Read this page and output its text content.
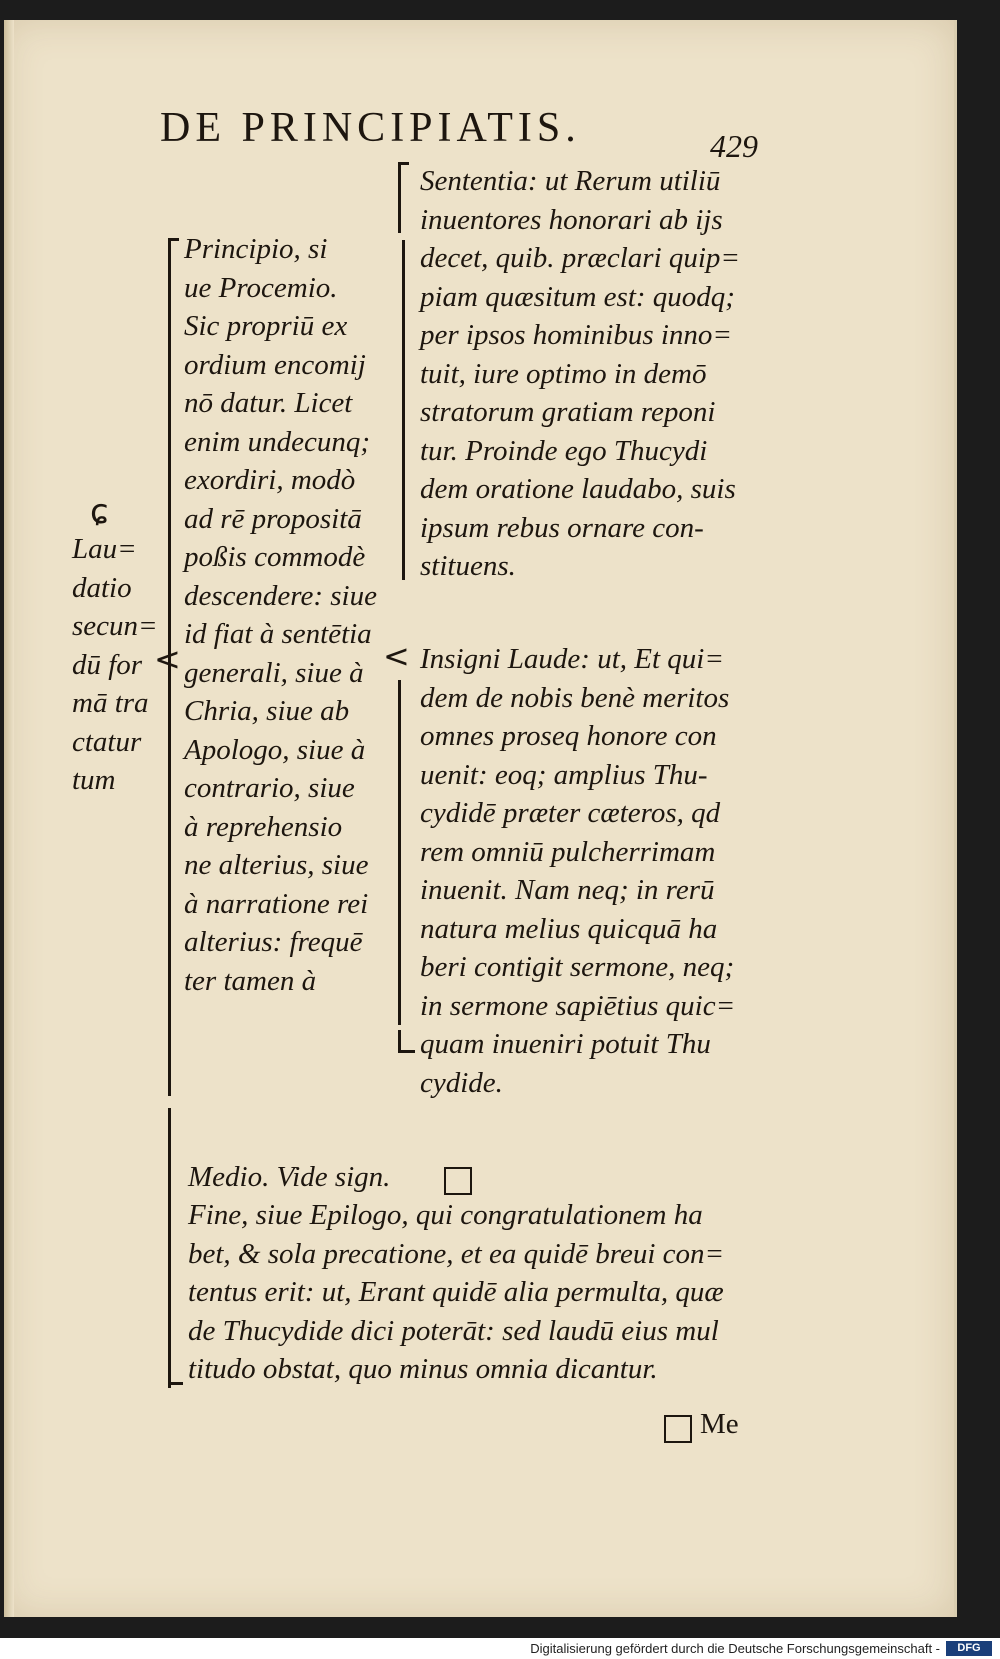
DE PRINCIPIATIS.	429
ɕ
Lau=
datio
secun=
dū for
mā tra
ctatur
tum
<
Principio, si
ue Procemio.
Sic propriū ex
ordium encomij
nō datur. Licet
enim undecunq;
exordiri, modò
ad rē propositā
poßis commodè
descendere: siue
id fiat à sentētia
generali, siue à
Chria, siue ab
Apologo, siue à
contrario, siue
à reprehensio
ne alterius, siue
à narratione rei
alterius: frequē
ter tamen à
<
Sententia: ut Rerum utiliū
inuentores honorari ab ijs
decet, quib. præclari quip=
piam quæsitum est: quodq;
per ipsos hominibus inno=
tuit, iure optimo in demō
stratorum gratiam reponi
tur. Proinde ego Thucydi
dem oratione laudabo, suis
ipsum rebus ornare con-
stituens.
Insigni Laude: ut, Et qui=
dem de nobis benè meritos
omnes proseq honore con
uenit: eoq; amplius Thu-
cydidē præter cæteros, qd
rem omniū pulcherrimam
inuenit. Nam neq; in rerū
natura melius quicquā ha
beri contigit sermone, neq;
in sermone sapiētius quic=
quam inueniri potuit Thu
cydide.
Medio. Vide sign.
Fine, siue Epilogo, qui congratulationem ha
bet, & sola precatione, et ea quidē breui con=
tentus erit: ut, Erant quidē alia permulta, quæ
de Thucydide dici poterāt: sed laudū eius mul
titudo obstat, quo minus omnia dicantur.
Me
Digitalisierung gefördert durch die Deutsche Forschungsgemeinschaft -	DFG
